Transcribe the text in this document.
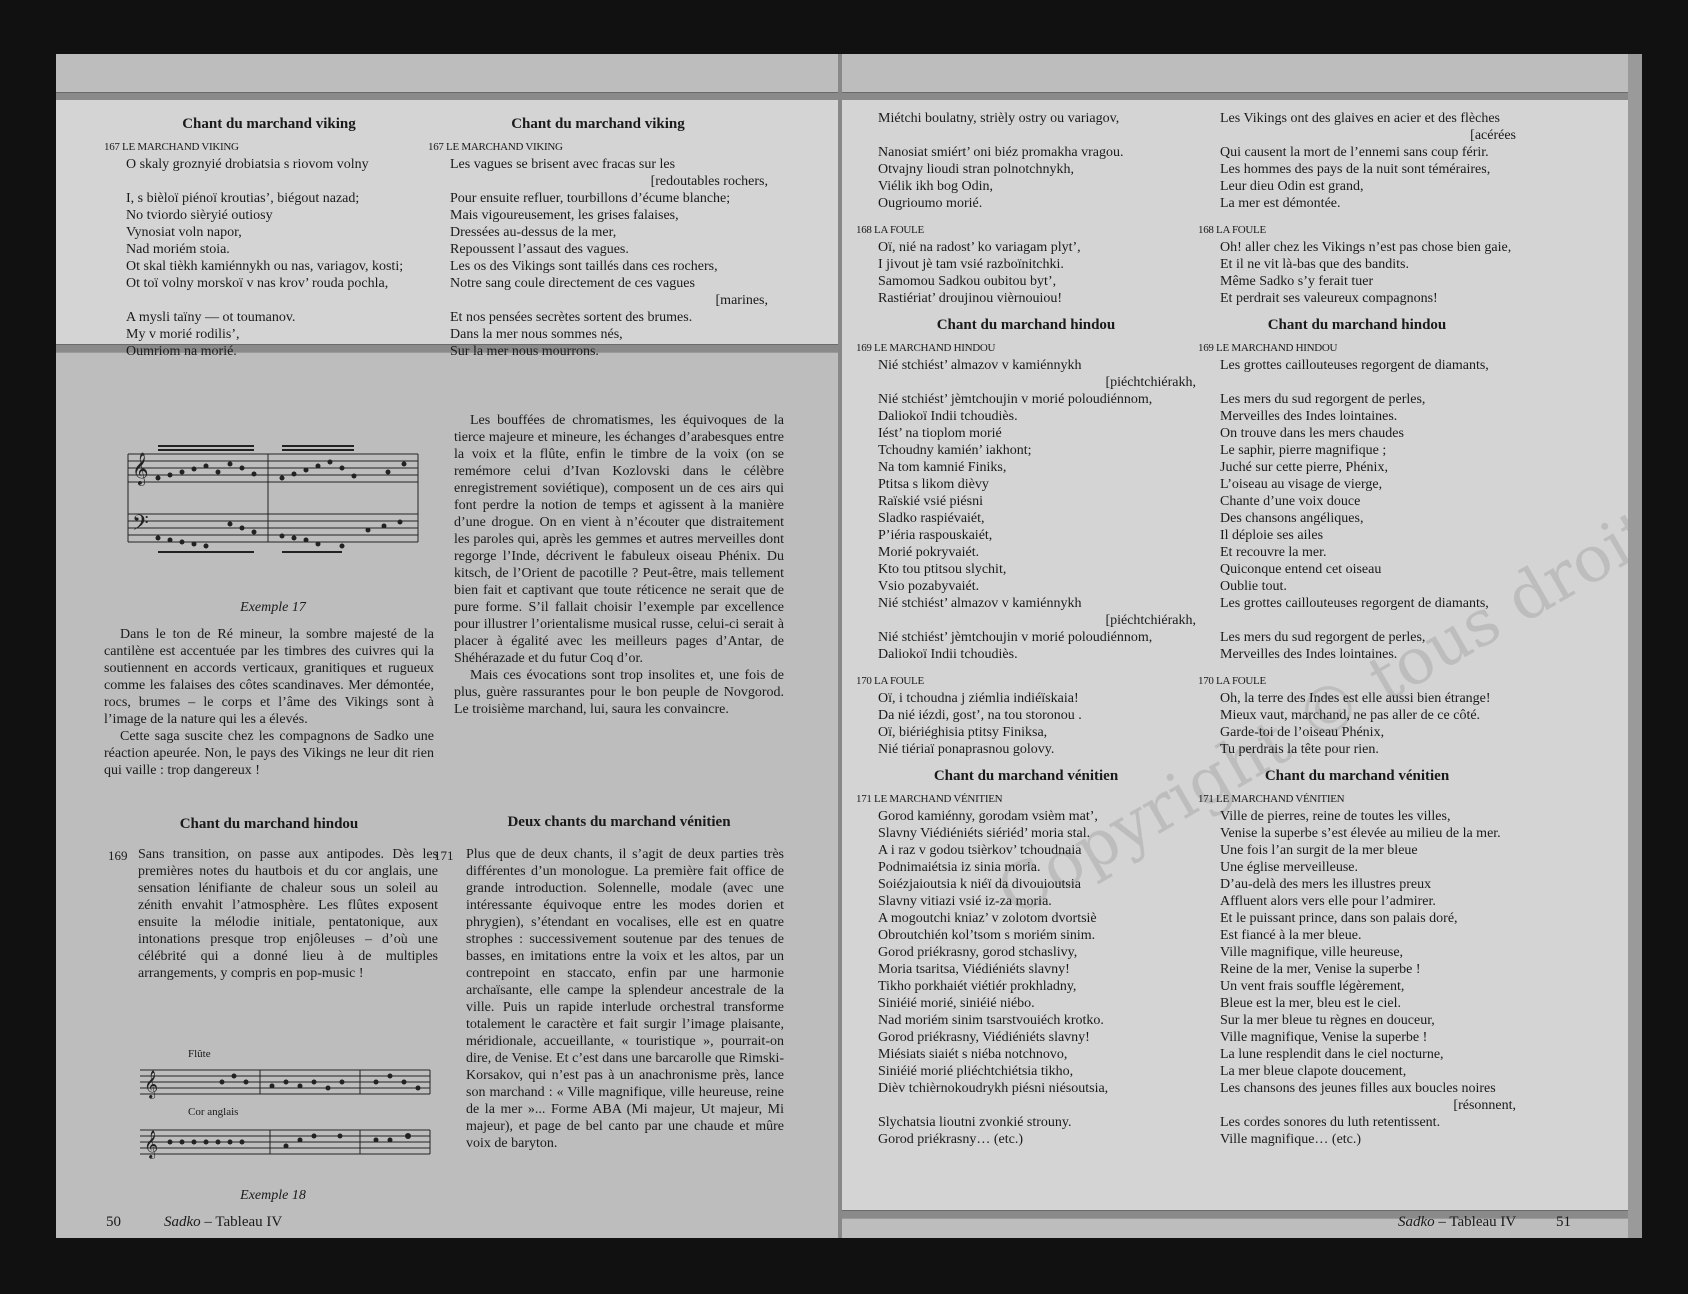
Chant du marchand viking
167 LE MARCHAND VIKING
O skaly groznyié drobiatsia s riovom volny
I, s bièloï piénoï kroutias’, biégout nazad;
No tviordo sièryié outiosy
Vynosiat voln napor,
Nad moriém stoia.
Ot skal tièkh kamiénnykh ou nas, variagov, kosti;
Ot toï volny morskoï v nas krov’ rouda pochla,
A mysli taïny — ot toumanov.
My v morié rodilis’,
Oumriom na morié.
Chant du marchand viking
167 LE MARCHAND VIKING
Les vagues se brisent avec fracas sur les
[redoutables rochers,
Pour ensuite refluer, tourbillons d’écume blanche;
Mais vigoureusement, les grises falaises,
Dressées au-dessus de la mer,
Repoussent l’assaut des vagues.
Les os des Vikings sont taillés dans ces rochers,
Notre sang coule directement de ces vagues
[marines,
Et nos pensées secrètes sortent des brumes.
Dans la mer nous sommes nés,
Sur la mer nous mourrons.
𝄞
𝄢
Exemple 17

Dans le ton de Ré mineur, la sombre majesté de la cantilène est accentuée par les timbres des cuivres qui la soutiennent en accords verticaux, granitiques et rugueux comme les falaises des côtes scandinaves. Mer démontée, rocs, brumes – le corps et l’âme des Vikings sont à l’image de la nature qui les a élevés.

Cette saga suscite chez les compagnons de Sadko une réaction apeurée. Non, le pays des Vikings ne leur dit rien qui vaille : trop dangereux !

Les bouffées de chromatismes, les équivoques de la tierce majeure et mineure, les échanges d’arabesques entre la voix et la flûte, enfin le timbre de la voix (on se remémore celui d’Ivan Kozlovski dans le célèbre enregistrement soviétique), composent un de ces airs qui font perdre la notion de temps et agissent à la manière d’une drogue. On en vient à n’écouter que distraitement les paroles qui, après les gemmes et autres merveilles dont regorge l’Inde, décrivent le fabuleux oiseau Phénix. Du kitsch, de l’Orient de pacotille ? Peut-être, mais tellement bien fait et captivant que toute réticence ne serait que de pure forme. S’il fallait choisir l’exemple par excellence pour illustrer l’orientalisme musical russe, celui-ci serait à placer à égalité avec les meilleurs pages d’Antar, de Shéhérazade et du futur Coq d’or.

Mais ces évocations sont trop insolites et, une fois de plus, guère rassurantes pour le bon peuple de Novgorod. Le troisième marchand, lui, saura les convaincre.

Chant du marchand hindou	Deux chants du marchand vénitien
169 Sans transition, on passe aux antipodes. Dès les premières notes du hautbois et du cor anglais, une sensation lénifiante de chaleur sous un soleil au zénith envahit l’atmosphère. Les flûtes exposent ensuite la mélodie initiale, pentatonique, aux intonations presque trop enjôleuses – d’où une célébrité qui a donné lieu à de multiples arrangements, y compris en pop-music !

171 Plus que de deux chants, il s’agit de deux parties très différentes d’un monologue. La première fait office de grande introduction. Solennelle, modale (avec une intéressante équivoque entre les modes dorien et phrygien), s’étendant en vocalises, elle est en quatre strophes : successivement soutenue par des tenues de basses, en imitations entre la voix et les altos, par un contrepoint en staccato, enfin par une harmonie archaïsante, elle campe la splendeur ancestrale de la ville. Puis un rapide interlude orchestral transforme totalement le caractère et fait surgir l’image plaisante, méridionale, accueillante, « touristique », pourrait-on dire, de Venise. Et c’est dans une barcarolle que Rimski-Korsakov, qui n’est pas à un anachronisme près, lance son marchand : « Ville magnifique, ville heureuse, reine de la mer »... Forme ABA (Mi majeur, Ut majeur, Mi majeur), et page de bel canto par une chaude et mûre voix de baryton.

Flûte
Cor anglais
𝄞
𝄞
Exemple 18
50	Sadko – Tableau IV
Miétchi boulatny, strièly ostry ou variagov,
Nanosiat smiért’ oni biéz promakha vragou.
Otvajny lioudi stran polnotchnykh,
Viélik ikh bog Odin,
Ougrioumo morié.
168 LA FOULE
Oï, nié na radost’ ko variagam plyt’,
I jivout jè tam vsié razboïnitchki.
Samomou Sadkou oubitou byt’,
Rastiériat’ droujinou vièrnouiou!
Chant du marchand hindou
169 LE MARCHAND HINDOU
Nié stchiést’ almazov v kamiénnykh
[piéchtchiérakh,
Nié stchiést’ jèmtchoujin v morié poloudiénnom,
Daliokoï Indii tchoudiès.
Iést’ na tioplom morié
Tchoudny kamién’ iakhont;
Na tom kamnié Finiks,
Ptitsa s likom dièvy
Raïskié vsié piésni
Sladko raspiévaiét,
P’iéria raspouskaiét,
Morié pokryvaiét.
Kto tou ptitsou slychit,
Vsio pozabyvaiét.
Nié stchiést’ almazov v kamiénnykh
[piéchtchiérakh,
Nié stchiést’ jèmtchoujin v morié poloudiénnom,
Daliokoï Indii tchoudiès.
170 LA FOULE
Oï, i tchoudna j ziémlia indiéïskaia!
Da nié iézdi, gost’, na tou storonou .
Oï, biériéghisia ptitsy Finiksa,
Nié tiériaï ponaprasnou golovy.
Chant du marchand vénitien
171 LE MARCHAND VÉNITIEN
Gorod kamiénny, gorodam vsièm mat’,
Slavny Viédiéniéts siériéd’ moria stal.
A i raz v godou tsièrkov’ tchoudnaia
Podnimaiétsia iz sinia moria.
Soiézjaioutsia k niéï da divouioutsia
Slavny vitiazi vsié iz-za moria.
A mogoutchi kniaz’ v zolotom dvortsiè
Obroutchién kol’tsom s moriém sinim.
Gorod priékrasny, gorod stchaslivy,
Moria tsaritsa, Viédiéniéts slavny!
Tikho porkhaiét viétiér prokhladny,
Siniéié morié, siniéié niébo.
Nad moriém sinim tsarstvouiéch krotko.
Gorod priékrasny, Viédiéniéts slavny!
Miésiats siaiét s niéba notchnovo,
Siniéié morié pliéchtchiétsia tikho,
Dièv tchièrnokoudrykh piésni niésoutsia,
Slychatsia lioutni zvonkié strouny.
Gorod priékrasny… (etc.)
Les Vikings ont des glaives en acier et des flèches
[acérées
Qui causent la mort de l’ennemi sans coup férir.
Les hommes des pays de la nuit sont téméraires,
Leur dieu Odin est grand,
La mer est démontée.
168 LA FOULE
Oh! aller chez les Vikings n’est pas chose bien gaie,
Et il ne vit là-bas que des bandits.
Même Sadko s’y ferait tuer
Et perdrait ses valeureux compagnons!
Chant du marchand hindou
169 LE MARCHAND HINDOU
Les grottes caillouteuses regorgent de diamants,
Les mers du sud regorgent de perles,
Merveilles des Indes lointaines.
On trouve dans les mers chaudes
Le saphir, pierre magnifique ;
Juché sur cette pierre, Phénix,
L’oiseau au visage de vierge,
Chante d’une voix douce
Des chansons angéliques,
Il déploie ses ailes
Et recouvre la mer.
Quiconque entend cet oiseau
Oublie tout.
Les grottes caillouteuses regorgent de diamants,
Les mers du sud regorgent de perles,
Merveilles des Indes lointaines.
170 LA FOULE
Oh, la terre des Indes est elle aussi bien étrange!
Mieux vaut, marchand, ne pas aller de ce côté.
Garde-toi de l’oiseau Phénix,
Tu perdrais la tête pour rien.
Chant du marchand vénitien
171 LE MARCHAND VÉNITIEN
Ville de pierres, reine de toutes les villes,
Venise la superbe s’est élevée au milieu de la mer.
Une fois l’an surgit de la mer bleue
Une église merveilleuse.
D’au-delà des mers les illustres preux
Affluent alors vers elle pour l’admirer.
Et le puissant prince, dans son palais doré,
Est fiancé à la mer bleue.
Ville magnifique, ville heureuse,
Reine de la mer, Venise la superbe !
Un vent frais souffle légèrement,
Bleue est la mer, bleu est le ciel.
Sur la mer bleue tu règnes en douceur,
Ville magnifique, Venise la superbe !
La lune resplendit dans le ciel nocturne,
La mer bleue clapote doucement,
Les chansons des jeunes filles aux boucles noires
[résonnent,
Les cordes sonores du luth retentissent.
Ville magnifique… (etc.)
Sadko – Tableau IV	51
